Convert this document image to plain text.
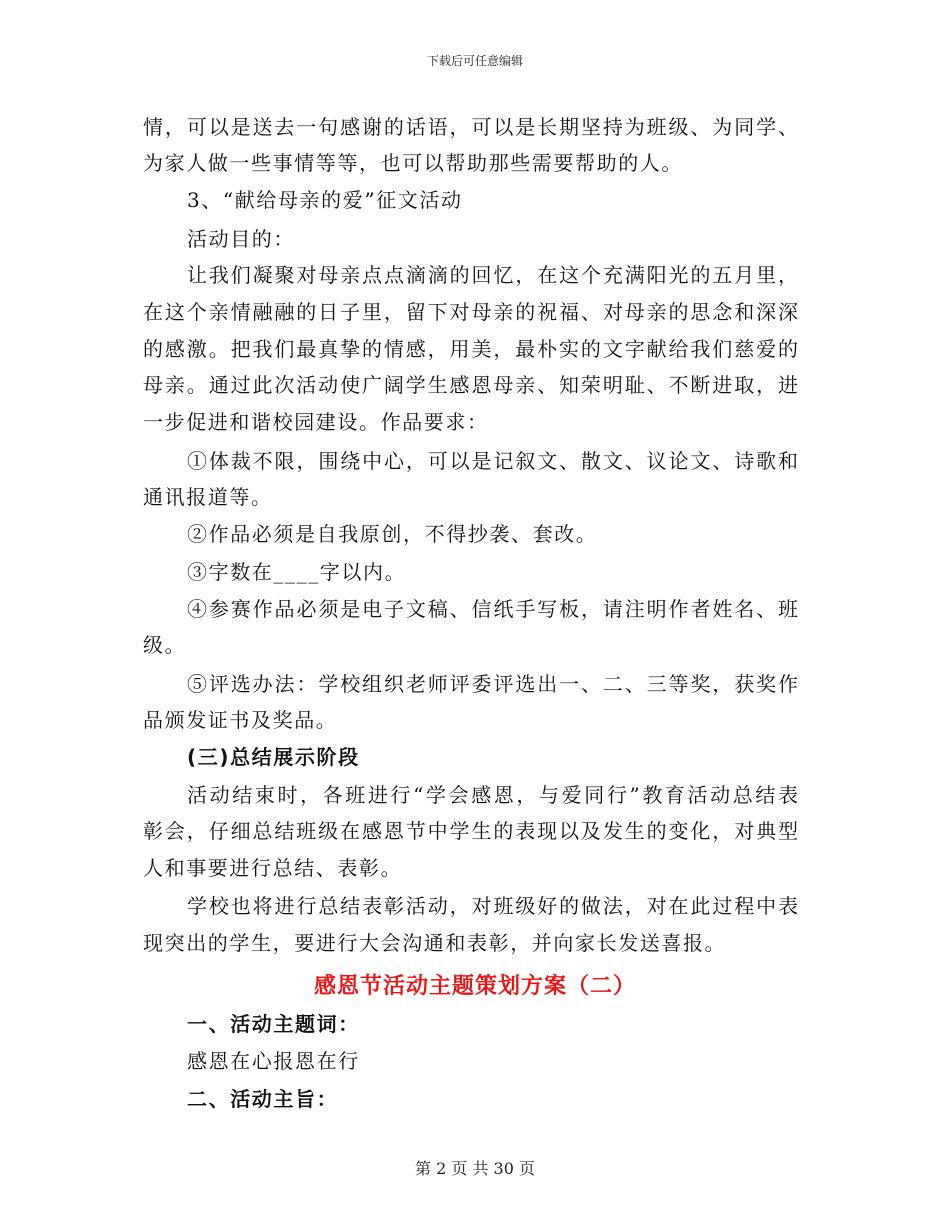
下载后可任意编辑
情，可以是送去一句感谢的话语，可以是长期坚持为班级、为同学、
为家人做一些事情等等，也可以帮助那些需要帮助的人。
3、“献给母亲的爱”征文活动
活动目的：
让我们凝聚对母亲点点滴滴的回忆，在这个充满阳光的五月里，
在这个亲情融融的日子里，留下对母亲的祝福、对母亲的思念和深深
的感激。把我们最真挚的情感，用美，最朴实的文字献给我们慈爱的
母亲。通过此次活动使广阔学生感恩母亲、知荣明耻、不断进取，进
一步促进和谐校园建设。作品要求：
①体裁不限，围绕中心，可以是记叙文、散文、议论文、诗歌和
通讯报道等。
②作品必须是自我原创，不得抄袭、套改。
③字数在____字以内。
④参赛作品必须是电子文稿、信纸手写板，请注明作者姓名、班
级。
⑤评选办法：学校组织老师评委评选出一、二、三等奖，获奖作
品颁发证书及奖品。
(三)总结展示阶段
活动结束时，各班进行“学会感恩，与爱同行”教育活动总结表
彰会，仔细总结班级在感恩节中学生的表现以及发生的变化，对典型
人和事要进行总结、表彰。
学校也将进行总结表彰活动，对班级好的做法，对在此过程中表
现突出的学生，要进行大会沟通和表彰，并向家长发送喜报。
感恩节活动主题策划方案（二）
一、活动主题词：
感恩在心报恩在行
二、活动主旨：
第 2 页 共 30 页
